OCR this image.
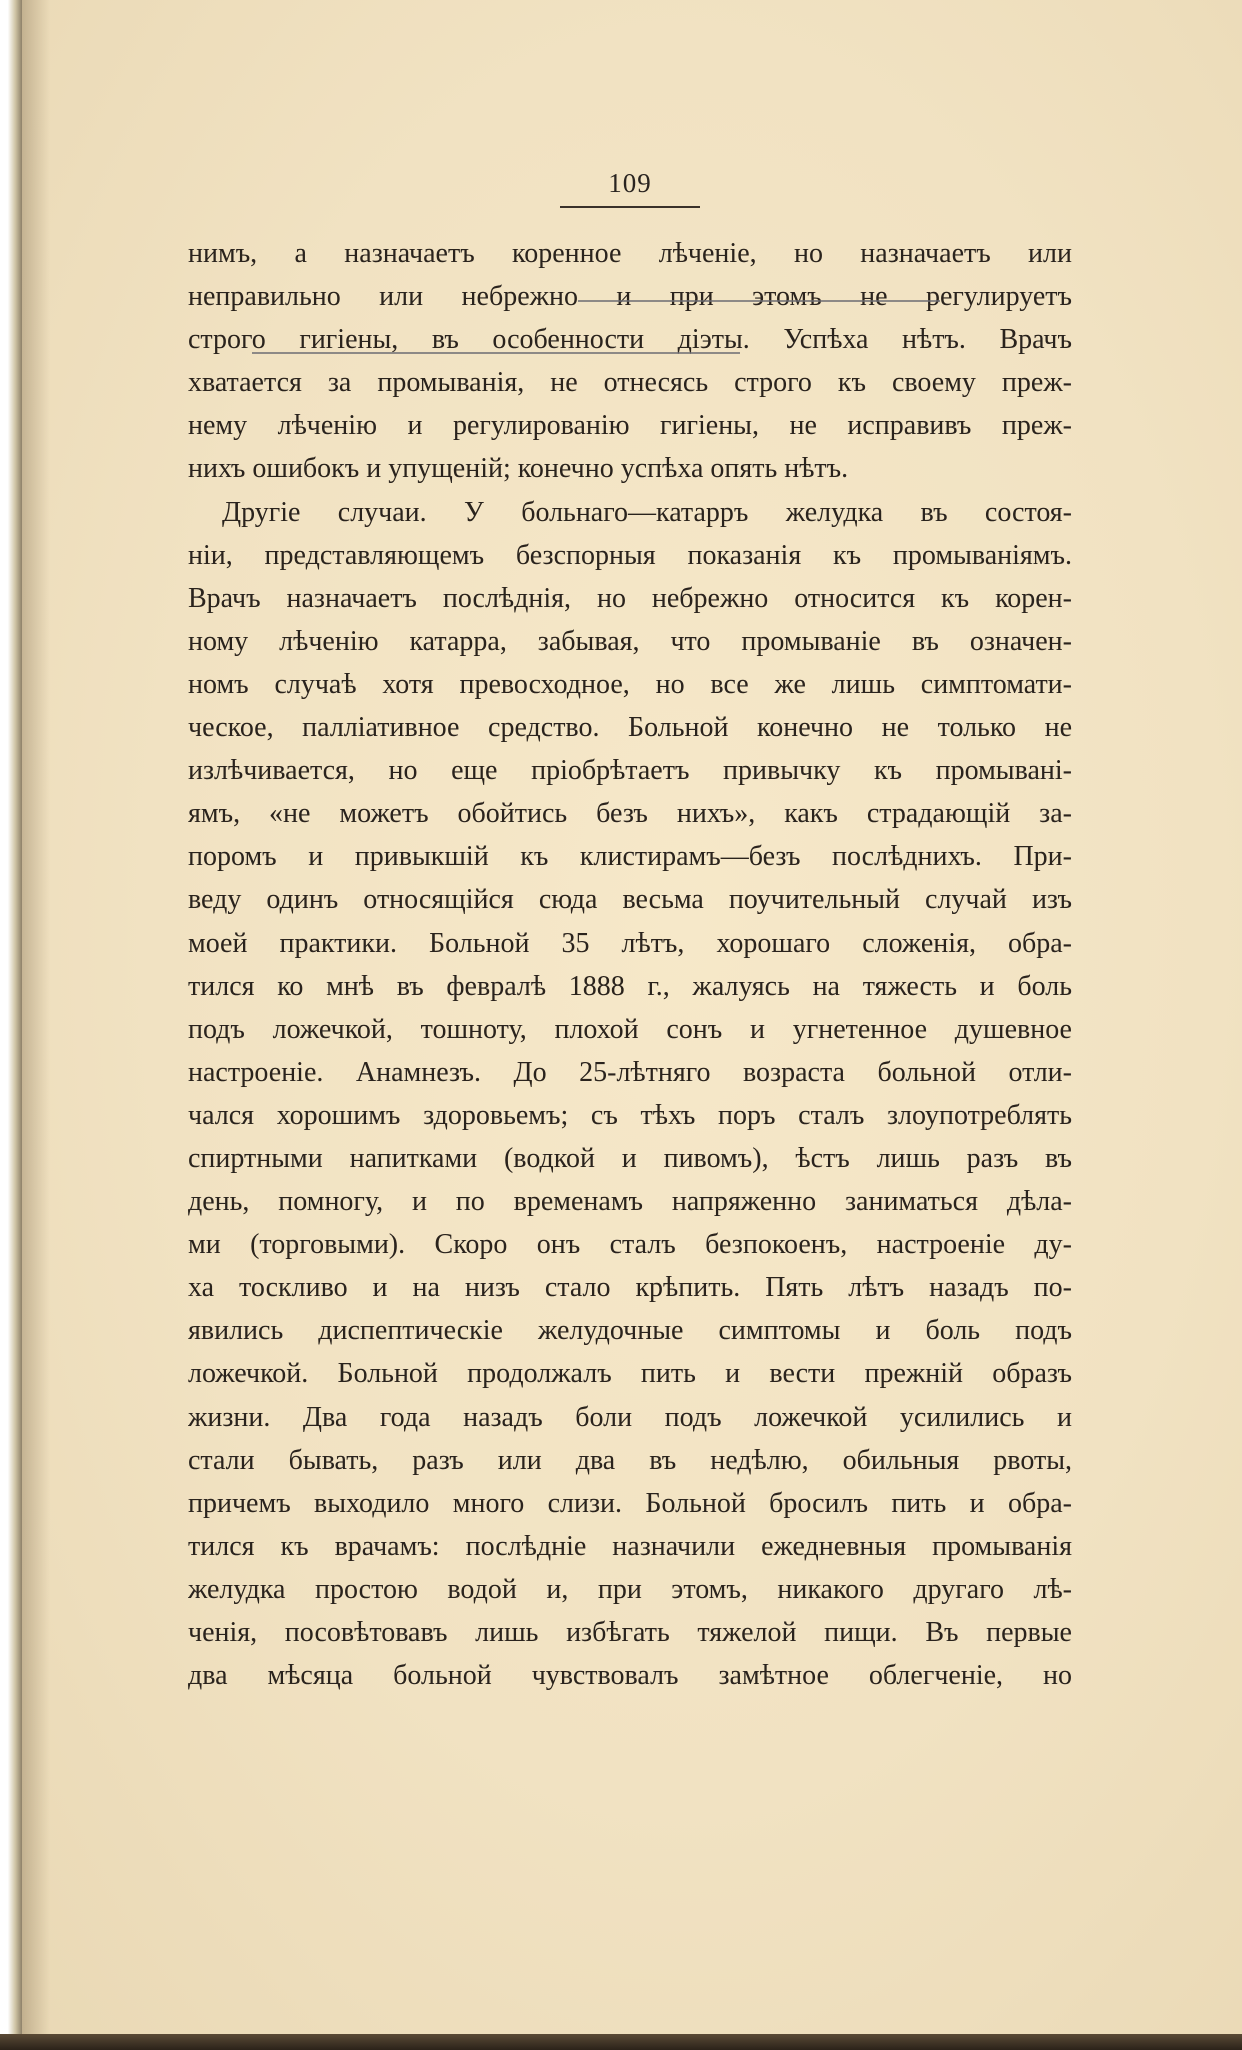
109
нимъ, а назначаетъ коренное лѣченіе, но назначаетъ или
неправильно или небрежно и при этомъ не регулируетъ
строго гигіены, въ особенности діэты. Успѣха нѣтъ. Врачъ
хватается за промыванія, не отнесясь строго къ своему преж-
нему лѣченію и регулированію гигіены, не исправивъ преж-
нихъ ошибокъ и упущеній; конечно успѣха опять нѣтъ.
Другіе случаи. У больнаго—катарръ желудка въ состоя-
ніи, представляющемъ безспорныя показанія къ промываніямъ.
Врачъ назначаетъ послѣднія, но небрежно относится къ корен-
ному лѣченію катарра, забывая, что промываніе въ означен-
номъ случаѣ хотя превосходное, но все же лишь симптомати-
ческое, палліативное средство. Больной конечно не только не
излѣчивается, но еще пріобрѣтаетъ привычку къ промывані-
ямъ, «не можетъ обойтись безъ нихъ», какъ страдающій за-
поромъ и привыкшій къ клистирамъ—безъ послѣднихъ. При-
веду одинъ относящійся сюда весьма поучительный случай изъ
моей практики. Больной 35 лѣтъ, хорошаго сложенія, обра-
тился ко мнѣ въ февралѣ 1888 г., жалуясь на тяжесть и боль
подъ ложечкой, тошноту, плохой сонъ и угнетенное душевное
настроеніе. Анамнезъ. До 25-лѣтняго возраста больной отли-
чался хорошимъ здоровьемъ; съ тѣхъ поръ сталъ злоупотреблять
спиртными напитками (водкой и пивомъ), ѣстъ лишь разъ въ
день, помногу, и по временамъ напряженно заниматься дѣла-
ми (торговыми). Скоро онъ сталъ безпокоенъ, настроеніе ду-
ха тоскливо и на низъ стало крѣпить. Пять лѣтъ назадъ по-
явились диспептическіе желудочные симптомы и боль подъ
ложечкой. Больной продолжалъ пить и вести прежній образъ
жизни. Два года назадъ боли подъ ложечкой усилились и
стали бывать, разъ или два въ недѣлю, обильныя рвоты,
причемъ выходило много слизи. Больной бросилъ пить и обра-
тился къ врачамъ: послѣдніе назначили ежедневныя промыванія
желудка простою водой и, при этомъ, никакого другаго лѣ-
ченія, посовѣтовавъ лишь избѣгать тяжелой пищи. Въ первые
два мѣсяца больной чувствовалъ замѣтное облегченіе, но
